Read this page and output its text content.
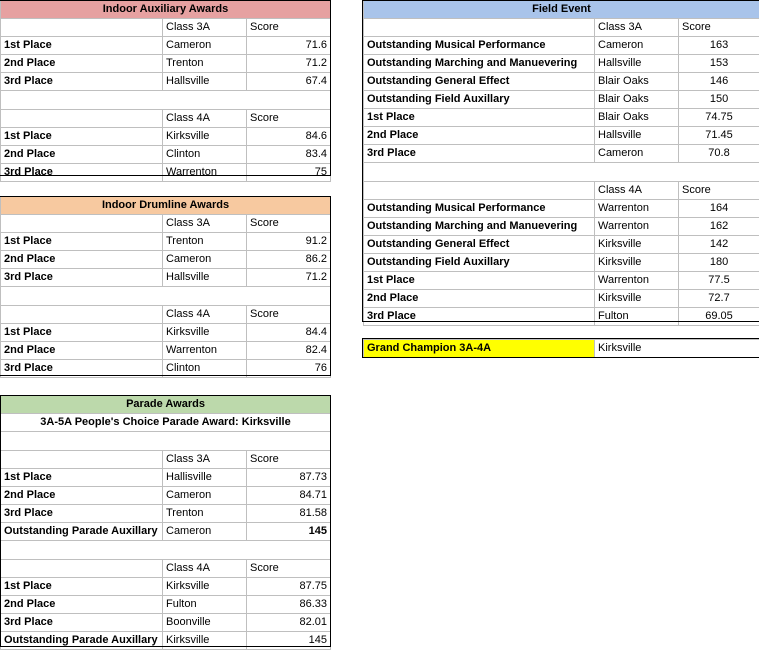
Indoor Auxiliary Awards		
	Class 3A	Score
1st Place	Cameron	71.6
2nd Place	Trenton	71.2
3rd Place	Hallsville	67.4

	Class 4A	Score
1st Place	Kirksville	84.6
2nd Place	Clinton	83.4
3rd Place	Warrenton	75
Indoor Drumline Awards		
	Class 3A	Score
1st Place	Trenton	91.2
2nd Place	Cameron	86.2
3rd Place	Hallsville	71.2

	Class 4A	Score
1st Place	Kirksville	84.4
2nd Place	Warrenton	82.4
3rd Place	Clinton	76
Parade Awards		
3A-5A People's Choice Parade Award: Kirksville		

	Class 3A	Score
1st Place	Hallisville	87.73
2nd Place	Cameron	84.71
3rd Place	Trenton	81.58
Outstanding Parade Auxillary	Cameron	145

	Class 4A	Score
1st Place	Kirksville	87.75
2nd Place	Fulton	86.33
3rd Place	Boonville	82.01
Outstanding Parade Auxillary	Kirksville	145
Field Event		
	Class 3A	Score
Outstanding Musical Performance	Cameron	163
Outstanding Marching and Manuevering	Hallsville	153
Outstanding General Effect	Blair Oaks	146
Outstanding Field Auxillary	Blair Oaks	150
1st Place	Blair Oaks	74.75
2nd Place	Hallsville	71.45
3rd Place	Cameron	70.8

	Class 4A	Score
Outstanding Musical Performance	Warrenton	164
Outstanding Marching and Manuevering	Warrenton	162
Outstanding General Effect	Kirksville	142
Outstanding Field Auxillary	Kirksville	180
1st Place	Warrenton	77.5
2nd Place	Kirksville	72.7
3rd Place	Fulton	69.05
Grand Champion 3A-4A	Kirksville
